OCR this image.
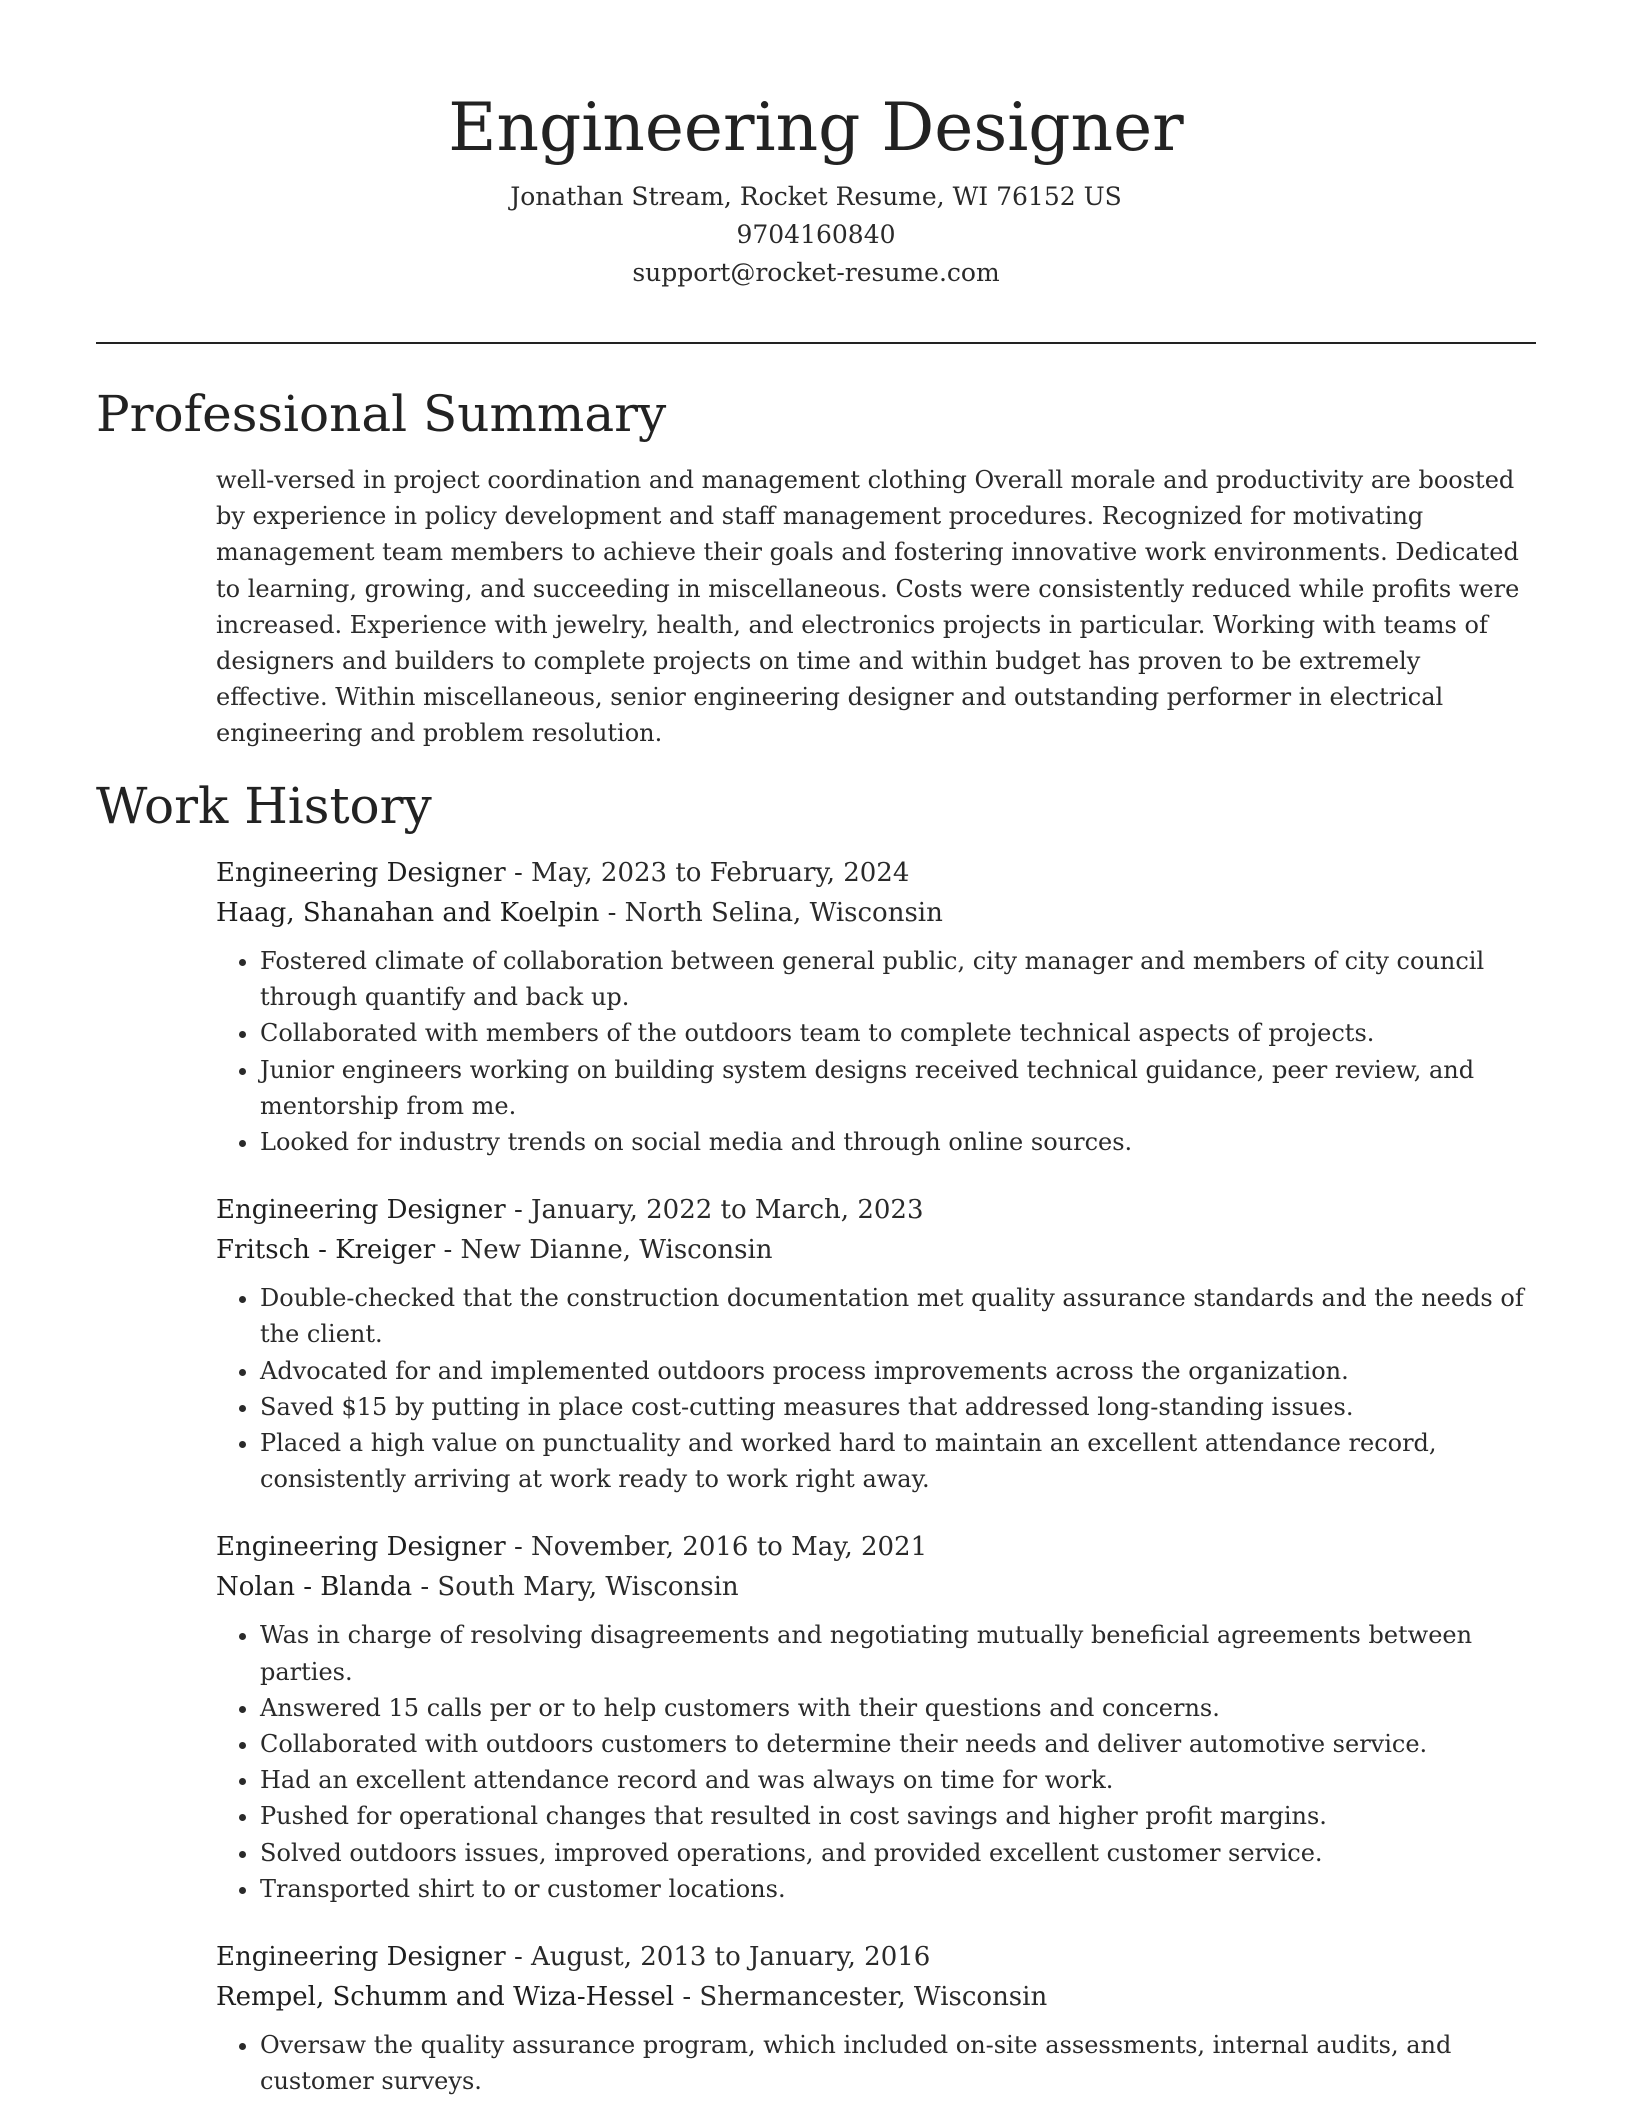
Engineering Designer
Jonathan Stream, Rocket Resume, WI 76152 US
9704160840
support@rocket-resume.com
Professional Summary

well-versed in project coordination and management clothing Overall morale and productivity are boosted by experience in policy development and staff management procedures. Recognized for motivating management team members to achieve their goals and fostering innovative work environments. Dedicated to learning, growing, and succeeding in miscellaneous. Costs were consistently reduced while profits were increased. Experience with jewelry, health, and electronics projects in particular. Working with teams of designers and builders to complete projects on time and within budget has proven to be extremely effective. Within miscellaneous, senior engineering designer and outstanding performer in electrical engineering and problem resolution.

Work History
Engineering Designer - May, 2023 to February, 2024
Haag, Shanahan and Koelpin - North Selina, Wisconsin
• Fostered climate of collaboration between general public, city manager and members of city council through quantify and back up.
• Collaborated with members of the outdoors team to complete technical aspects of projects.
• Junior engineers working on building system designs received technical guidance, peer review, and mentorship from me.
• Looked for industry trends on social media and through online sources.
Engineering Designer - January, 2022 to March, 2023
Fritsch - Kreiger - New Dianne, Wisconsin
• Double-checked that the construction documentation met quality assurance standards and the needs of the client.
• Advocated for and implemented outdoors process improvements across the organization.
• Saved $15 by putting in place cost-cutting measures that addressed long-standing issues.
• Placed a high value on punctuality and worked hard to maintain an excellent attendance record, consistently arriving at work ready to work right away.
Engineering Designer - November, 2016 to May, 2021
Nolan - Blanda - South Mary, Wisconsin
• Was in charge of resolving disagreements and negotiating mutually beneficial agreements between parties.
• Answered 15 calls per or to help customers with their questions and concerns.
• Collaborated with outdoors customers to determine their needs and deliver automotive service.
• Had an excellent attendance record and was always on time for work.
• Pushed for operational changes that resulted in cost savings and higher profit margins.
• Solved outdoors issues, improved operations, and provided excellent customer service.
• Transported shirt to or customer locations.
Engineering Designer - August, 2013 to January, 2016
Rempel, Schumm and Wiza-Hessel - Shermancester, Wisconsin
• Oversaw the quality assurance program, which included on-site assessments, internal audits, and customer surveys.
